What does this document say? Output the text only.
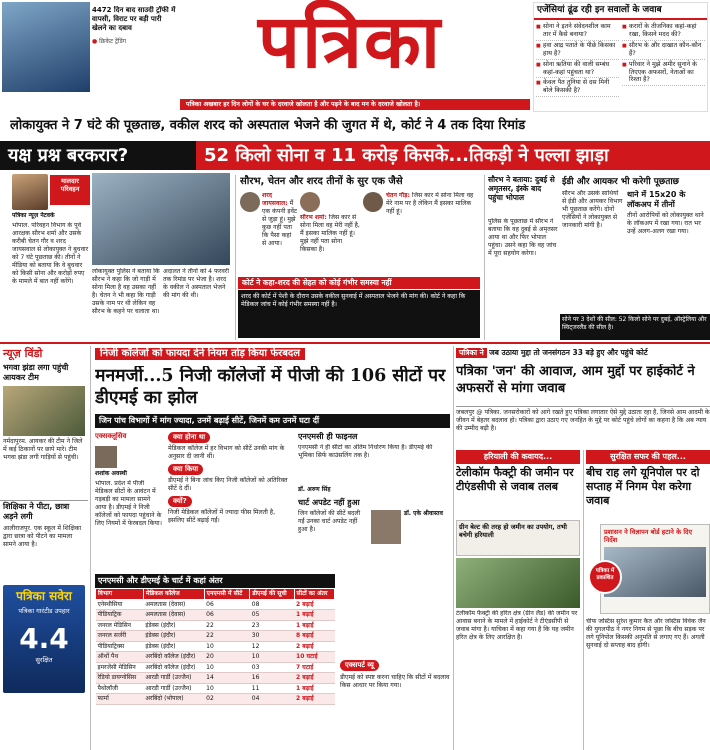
4472 दिन बाद साउदी ट्रॉफी में वापसी, विराट पर बड़ी पारी खेलने का दबाव
● क्रिकेट ट्रेंडिंग	पत्रिका
पत्रिका अखबार हर दिन लोगों के घर के दरवाजे खोलता है और पढ़ने के बाद मन के दरवाजे खोलता है।
एजेंसियां ढूंढ रही इन सवालों के जवाब
■ सोना ने इतने संवेदनशील काम तार में कैसे बनाया?
■ हवा आद्र पताते के पीछे किसका हाथ है?
■ सोना ऋतिया की वाली सम्बंध कहां-कहां पहुंचता था?
■ केवल पैत तुनिया से दस मिनी बोले किसकी है?
■ करारों के तीजनिका कहां-कहां रखा, किसने मदद की?
■ सौरभ के और दाखात कौन-कौन हैं?
■ परिवार ने मुझे अमीर सुनाने के तिएएक अफसरों, नेताओं का रिश्ता है?
लोकायुक्त ने 7 घंटे की पूछताछ, वकील शरद को अस्पताल भेजने की जुगत में थे, कोर्ट ने 4 तक दिया रिमांड
यक्ष प्रश्न बरकरार?	52 किलो सोना व 11 करोड़ किसके...तिकड़ी ने पल्ला झाड़ा
मालदार परिवहन
पत्रिका न्यूज़ नेटवर्क
भोपाल. परिवहन विभाग के पूर्व आरक्षक सौरभ शर्मा और उसके करीबी चेतन गौर व शरद जायसवाल से लोकायुक्त ने बुधवार को 7 घंटे पूछताछ की। तीनों ने मीडिया को बताया कि वे बुधवार को किसी सोना और करोड़ों रुपए के मामले में बात नहीं करेंगे।
लोकायुक्त पुलिस ने बताया कि सौरभ ने कहा कि जो गाड़ी में सोना मिला है वह उसका नहीं है। चेतन ने भी कहा कि गाड़ी उसके नाम पर थी लेकिन वह सौरभ के कहने पर चलाता था।
अदालत ने तीनों को 4 फरवरी तक रिमांड पर भेजा है। शरद के वकील ने अस्पताल भेजने की मांग की थी।
सौरभ, चेतन और शरद तीनों के सुर एक जैसे
शरद जायसवाल: मैं एक कंपनी इवेंट से जुड़ा हूं। मुझे कुछ नहीं पता कि पैसा कहां से आया।
सौरभ शर्मा: जिस कार से सोना मिला वह मेरी नहीं है, मैं इसका मालिक नहीं हूं। मुझे नहीं पता सोना किसका है।
चेतन गौड़: जिस कार में सोना मिला वह मेरे नाम पर है लेकिन मैं इसका मालिक नहीं हूं।
कोर्ट ने कहा-शरद की सेहत को कोई गंभीर समस्या नहीं
शरद की कोर्ट में पेशी के दौरान उसके वकील सुनवाई में अस्पताल भेजने की मांग की। कोर्ट ने कहा कि मेडिकल जांच में कोई गंभीर समस्या नहीं है।
सौरभ ने बताया: दुबई से अमृतसर, इंस्के बाद पहुंचा भोपाल
पुलिस के पूछताछ में सौरभ ने बताया कि वह दुबई से अमृतसर आया था और फिर भोपाल पहुंचा। उसने कहा कि वह जांच में पूरा सहयोग करेगा।
ईडी और आयकर भी करेगी पूछताछ
सौरभ और उसके साथियों से ईडी और आयकर विभाग भी पूछताछ करेंगे। दोनों एजेंसियों ने लोकायुक्त से जानकारी मांगी है।
थाने में 15x20 के लॉकअप में तीनों
तीनों आरोपियों को लोकायुक्त थाने के लॉकअप में रखा गया। रात भर उन्हें अलग-अलग रखा गया।
सोने पर 3 देशों की सील: 52 किलो सोने पर दुबई, ऑस्ट्रेलिया और स्विट्जरलैंड की सील है।
न्यूज़ विंडो
भगवा झंडा लगा पहुंची आयकर टीम
नर्मदापुरम. आयकर की टीम ने जिले में कई ठिकानों पर छापे मारे। टीम भगवा झंडा लगी गाड़ियों से पहुंची।
शिक्षिका ने पीटा, छात्रा अड़ने लगी
आलीराजपुर. एक स्कूल में शिक्षिका द्वारा छात्रा को पीटने का मामला सामने आया है।
पत्रिका सवेरा
पत्रिका गारंटीड उपहार
4.4
सुरक्षित
निजी कॉलेजों को फायदा देने नियम तोड़ किया फेरबदल
मनमर्जी...5 निजी कॉलेजों में पीजी की 106 सीटों पर डीएमई का झोल
जिन पांच विभागों में मांग ज्यादा, उनमें बढ़ाई सीटें, जिनमें कम उनमें घटा दीं
एक्सक्लूसिव
शशांक अवस्थी
भोपाल. प्रदेश में पीजी मेडिकल सीटों के आवंटन में गड़बड़ी का मामला सामने आया है। डीएमई ने निजी कॉलेजों को फायदा पहुंचाने के लिए नियमों में फेरबदल किया।
क्या होना था
मेडिकल कॉलेज में हर विभाग को सीटें उनकी मांग के अनुसार दी जानी थीं।
क्या किया
डीएमई ने बिना जांच किए निजी कॉलेजों को अतिरिक्त सीटें दे दीं।
क्यों?
निजी मेडिकल कॉलेजों में ज्यादा फीस मिलती है, इसलिए सीटें बढ़ाई गईं।
एनएमसी ही फाइनल
एनएमसी ने ही सीटों का अंतिम निर्धारण किया है। डीएमई की भूमिका सिर्फ काउंसलिंग तक है।
डॉ. अरुण सिंह
चार्ट अपडेट नहीं हुआ
जिन कॉलेजों की सीटें बदली गईं उनका चार्ट अपडेट नहीं हुआ है।
डॉ. एके श्रीवास्तव
एनएमसी और डीएमई के चार्ट में कहां अंतर
विभाग	मेडिकल कॉलेज	एनएमसी में सीटें	डीएमई की सूची	सीटों का अंतर
एनेस्थीसिया	अमलतास (देवास)	06	08	2 बढ़ाई
पीडियाट्रिक	अमलतास (देवास)	06	05	1 बढ़ाई
जनरल मेडिसिन	इंडेक्स (इंदौर)	22	23	1 बढ़ाई
जनरल सर्जरी	इंडेक्स (इंदौर)	22	30	8 बढ़ाई
पीडियाट्रिक्स	इंडेक्स (इंदौर)	10	12	2 बढ़ाई
ऑर्थो पैथ	अरबिंदो कॉलेज (इंदौर)	20	10	10 घटाई
इमरजेंसी मेडिसिन	अरबिंदो कॉलेज (इंदौर)	10	03	7 घटाई
रेडियो डायग्नोसिस	आरडी गार्डी (उज्जैन)	14	16	2 बढ़ाई
पैथोलॉजी	आरडी गार्डी (उज्जैन)	10	11	1 बढ़ाई
फार्मा	अरबिंदो (भोपाल)	02	04	2 बढ़ाई
एक्सपर्ट व्यू
डीएमई को स्पष्ट करना चाहिए कि सीटों में बदलाव किस आधार पर किया गया।
पत्रिका ने जब उठाया मुद्दा तो जनसंगठन 33 बड़े हुए और पहुंचे कोर्ट
पत्रिका 'जन' की आवाज, आम मुद्दों पर हाईकोर्ट ने अफसरों से मांगा जवाब
जबलपुर @ पत्रिका. जनसरोकारों को आगे रखते हुए पत्रिका लगातार ऐसे मुद्दे उठाता रहा है, जिनसे आम आदमी के जीवन में बेहतर बदलाव हो। पत्रिका द्वारा उठाए गए जनहित के मुद्दे पर कोर्ट पहुंचे लोगों का कहना है कि अब न्याय की उम्मीद बढ़ी है।
हरियाली की कवायद...
टेलीकॉम फैक्ट्री की जमीन पर टीएंडसीपी से जवाब तलब
ग्रीन बेल्ट की तरह हो जमीन का उपयोग, तभी बचेगी हरियाली
टेलीकॉम फैक्ट्री की हरित क्षेत्र (ग्रीन लैंड) की जमीन पर आवास बनाने के मामले में हाईकोर्ट ने टीएंडसीपी से जवाब मांगा है। याचिका में कहा गया है कि यह जमीन हरित क्षेत्र के लिए आरक्षित है।
सुरक्षित सफर की पहल...
बीच राह लगे यूनिपोल पर दो सप्ताह में निगम पेश करेगा जवाब
प्रशासन ने विज्ञापन बोर्ड हटाने के दिए निर्देश
पत्रिका में प्रकाशित
चीफ जस्टिस सुरेश कुमार कैत और जस्टिस विवेक जैन की युगलपीठ ने नगर निगम से पूछा कि बीच सड़क पर लगे यूनिपोल किसकी अनुमति से लगाए गए हैं। अगली सुनवाई दो सप्ताह बाद होगी।
